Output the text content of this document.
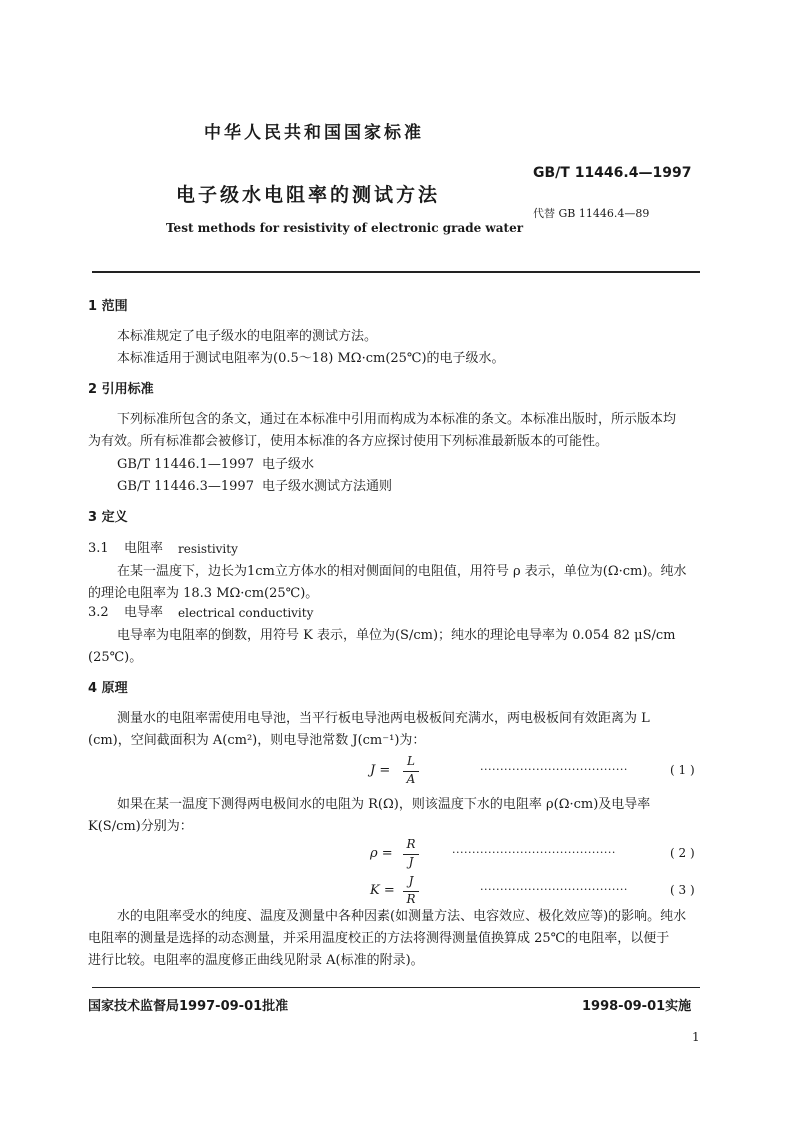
中华人民共和国国家标准
GB/T 11446.4—1997
电子级水电阻率的测试方法
代替 GB 11446.4—89
Test methods for resistivity of electronic grade water
1 范围
本标准规定了电子级水的电阻率的测试方法。
本标准适用于测试电阻率为(0.5～18) MΩ·cm(25℃)的电子级水。
2 引用标准
下列标准所包含的条文，通过在本标准中引用而构成为本标准的条文。本标准出版时，所示版本均
为有效。所有标准都会被修订，使用本标准的各方应探讨使用下列标准最新版本的可能性。
GB/T 11446.1—1997 电子级水
GB/T 11446.3—1997 电子级水测试方法通则
3 定义
3.1 电阻率 resistivity
在某一温度下，边长为1cm立方体水的相对侧面间的电阻值，用符号 ρ 表示，单位为(Ω·cm)。纯水
的理论电阻率为 18.3 MΩ·cm(25℃)。
3.2 电导率 electrical conductivity
电导率为电阻率的倒数，用符号 K 表示，单位为(S/cm)；纯水的理论电导率为 0.054 82 μS/cm
(25℃)。
4 原理
测量水的电阻率需使用电导池，当平行板电导池两电极板间充满水，两电极板间有效距离为 L
(cm)，空间截面积为 A(cm²)，则电导池常数 J(cm⁻¹)为：
J =
L
A
·····································	( 1 )
如果在某一温度下测得两电极间水的电阻为 R(Ω)，则该温度下水的电阻率 ρ(Ω·cm)及电导率
K(S/cm)分别为：
ρ =
R
J
·········································	( 2 )
K =
J
R
·····································	( 3 )
水的电阻率受水的纯度、温度及测量中各种因素(如测量方法、电容效应、极化效应等)的影响。纯水
电阻率的测量是选择的动态测量，并采用温度校正的方法将测得测量值换算成 25℃的电阻率，以便于
进行比较。电阻率的温度修正曲线见附录 A(标准的附录)。
国家技术监督局1997-09-01批准	1998-09-01实施
1
